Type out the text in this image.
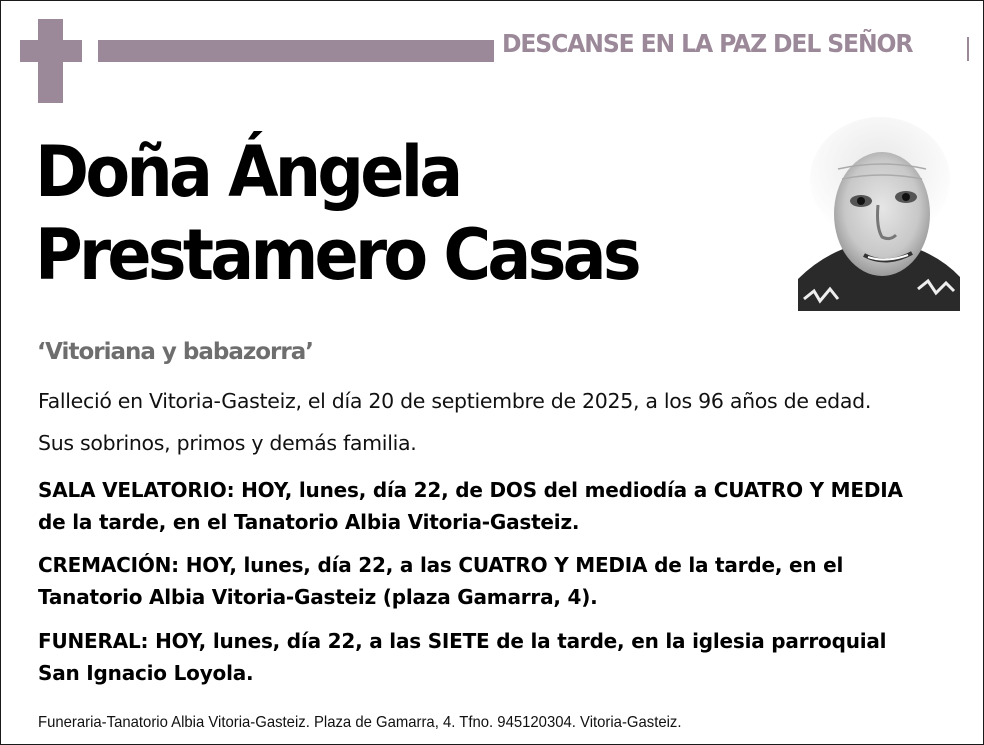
DESCANSE EN LA PAZ DEL SEÑOR
Doña Ángela
Prestamero Casas
‘Vitoriana y babazorra’
Falleció en Vitoria-Gasteiz, el día 20 de septiembre de 2025, a los 96 años de edad.
Sus sobrinos, primos y demás familia.
SALA VELATORIO: HOY, lunes, día 22, de DOS del mediodía a CUATRO Y MEDIA
de la tarde, en el Tanatorio Albia Vitoria-Gasteiz.
CREMACIÓN: HOY, lunes, día 22, a las CUATRO Y MEDIA de la tarde, en el
Tanatorio Albia Vitoria-Gasteiz (plaza Gamarra, 4).
FUNERAL: HOY, lunes, día 22, a las SIETE de la tarde, en la iglesia parroquial
San Ignacio Loyola.
Funeraria-Tanatorio Albia Vitoria-Gasteiz. Plaza de Gamarra, 4. Tfno. 945120304. Vitoria-Gasteiz.
